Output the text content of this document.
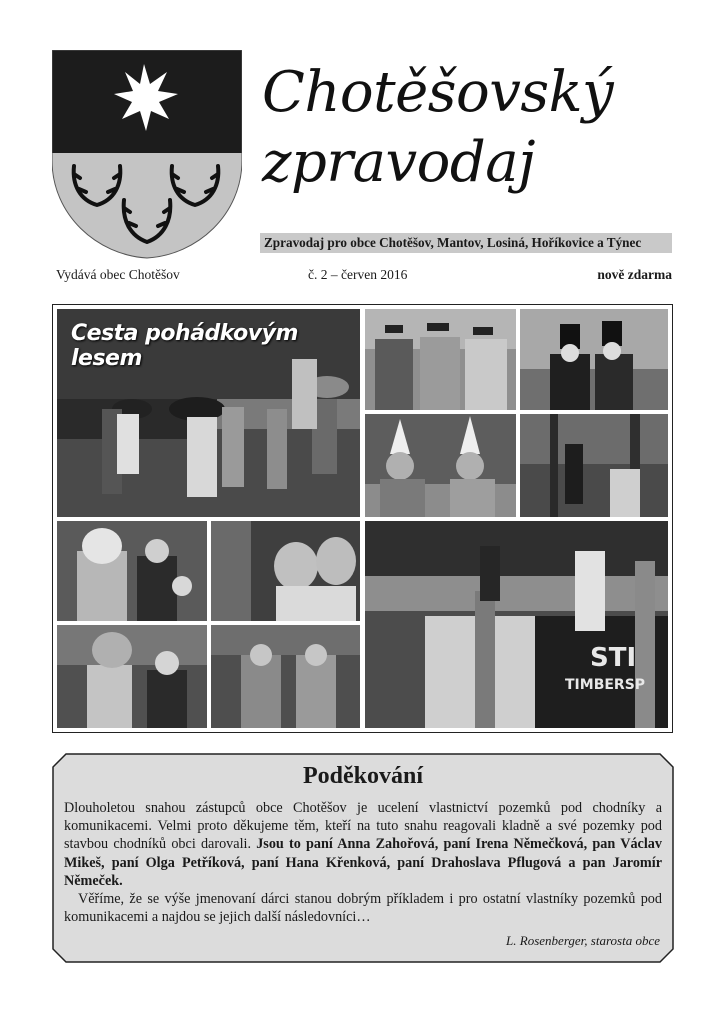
Chotěšovský
zpravodaj
Zpravodaj pro obce Chotěšov, Mantov, Losiná, Hoříkovice a Týnec
Vydává obec Chotěšov	č. 2 – červen 2016	nově zdarma
Cesta pohádkovým lesem
STI
TIMBERSP
Poděkování

Dlouholetou snahou zástupců obce Chotěšov je ucelení vlastnictví pozemků pod chodníky a komunikacemi. Velmi proto děkujeme těm, kteří na tuto snahu reagovali kladně a své pozemky pod stavbou chodníků obci darovali. Jsou to paní Anna Zahořová, paní Irena Němečková, pan Václav Mikeš, paní Olga Petříková, paní Hana Křenková, paní Drahoslava Pflugová a pan Jaromír Němeček.

Věříme, že se výše jmenovaní dárci stanou dobrým příkladem i pro ostatní vlastníky pozemků pod komunikacemi a najdou se jejich další následovníci…

L. Rosenberger, starosta obce
